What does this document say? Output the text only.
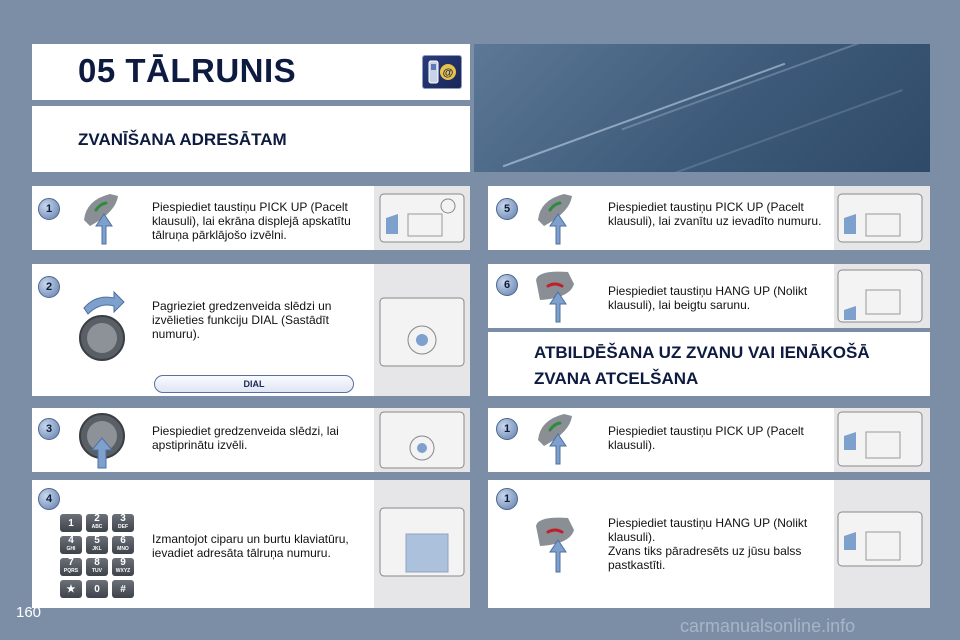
05 TĀLRUNIS	@
ZVANĪŠANA ADRESĀTAM
1	Piespiediet taustiņu PICK UP (Pacelt klausuli), lai ekrāna displejā apskatītu tālruņa pārklājošo izvēlni.
2
Pagrieziet gredzenveida slēdzi un izvēlieties funkciju DIAL (Sastādīt numuru).
DIAL
3	Piespiediet gredzenveida slēdzi, lai apstiprinātu izvēli.
4
1 2
ABC
3
DEF
4
GHI
5
JKL
6
MNO
7
PQRS
8
TUV
9
WXYZ
★ 0 #
Izmantojot ciparu un burtu klaviatūru, ievadiet adresāta tālruņa numuru.
5	Piespiediet taustiņu PICK UP (Pacelt klausuli), lai zvanītu uz ievadīto numuru.
6	Piespiediet taustiņu HANG UP (Nolikt klausuli), lai beigtu sarunu.
ATBILDĒŠANA UZ ZVANU VAI IENĀKOŠĀ
ZVANA ATCELŠANA
1	Piespiediet taustiņu PICK UP (Pacelt klausuli).
1
Piespiediet taustiņu HANG UP (Nolikt klausuli).
Zvans tiks pāradresēts uz jūsu balss pastkastīti.
160
carmanualsonline.info
